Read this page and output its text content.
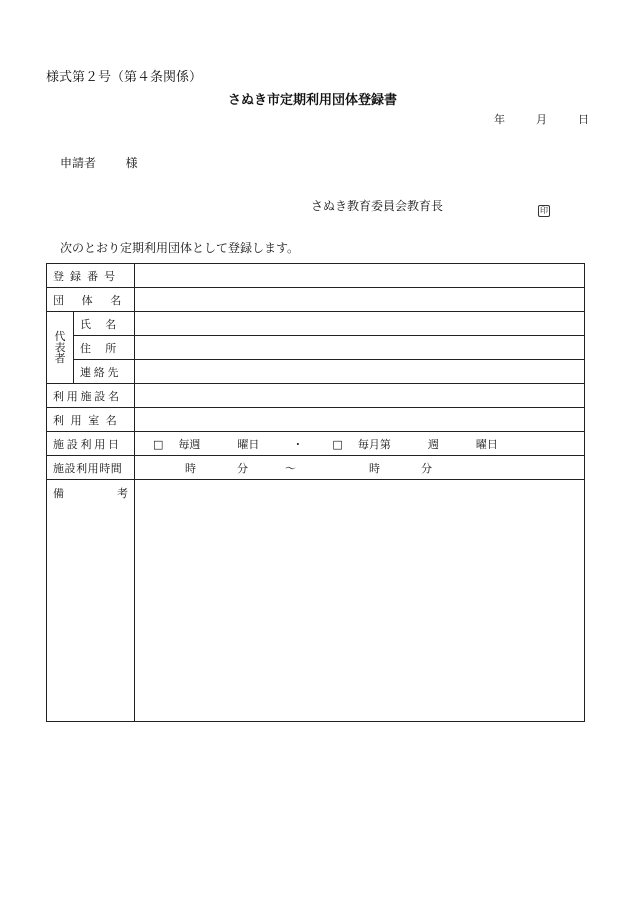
様式第２号（第４条関係）
さぬき市定期利用団体登録書
年	月	日
申請者 様
さぬき教育委員会教育長	印
次のとおり定期利用団体として登録します。
登録番号		
団体名		
代表者	氏名	
	住所	
	連絡先	
利用施設名		
利用室名		
施設利用日		□ 毎週 曜日 ・ □ 毎月第 週 曜日
施設利用時間		時 分 ～ 時 分

備 考		
